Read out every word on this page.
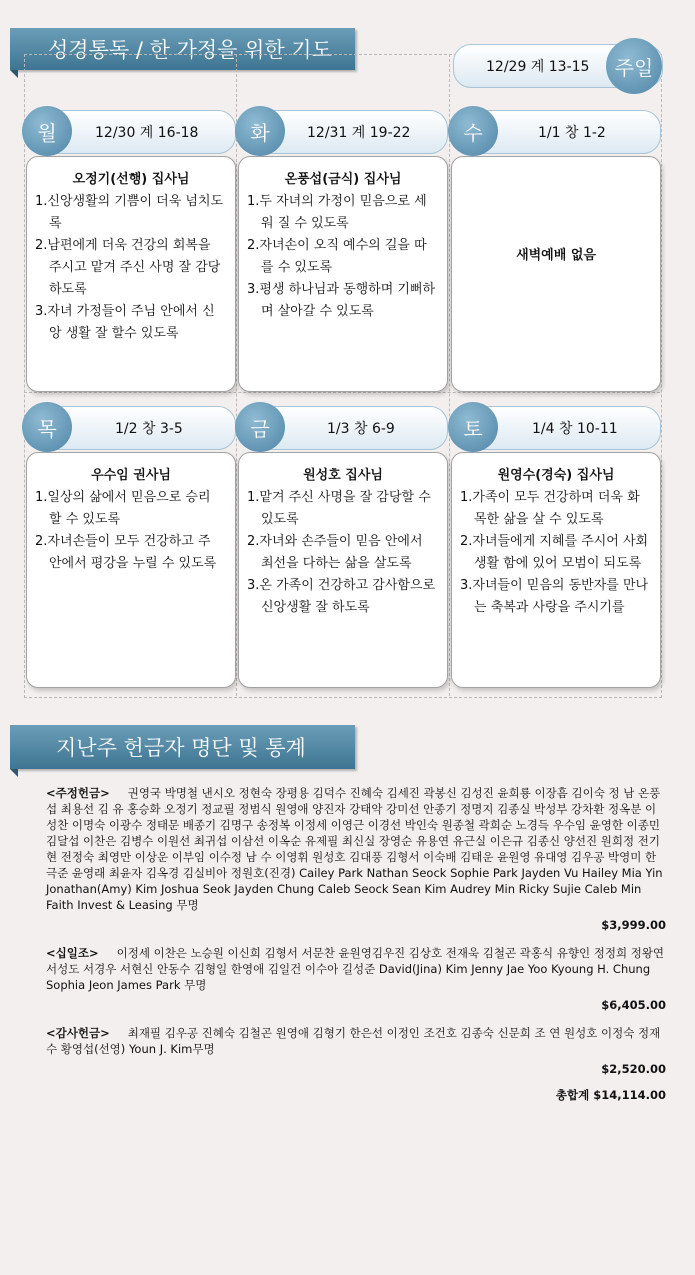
성경통독 / 한 가정을 위한 기도
12/29 계 13-15 주일
오정기(선행) 집사님
1.신앙생활의 기쁨이 더욱 넘치도록
2.남편에게 더욱 건강의 회복을 주시고 맡겨 주신 사명 잘 감당하도록
3.자녀 가정들이 주님 안에서 신앙 생활 잘 할수 있도록
12/30 계 16-18
월
온풍섭(금식) 집사님
1.두 자녀의 가정이 믿음으로 세워 질 수 있도록
2.자녀손이 오직 예수의 길을 따를 수 있도록
3.평생 하나님과 동행하며 기뻐하며 살아갈 수 있도록
12/31 계 19-22
화
새벽예배 없음
1/1 창 1-2
수
우수임 권사님
1.일상의 삶에서 믿음으로 승리 할 수 있도록
2.자녀손들이 모두 건강하고 주 안에서 평강을 누릴 수 있도록
1/2 창 3-5
목
원성호 집사님
1.맡겨 주신 사명을 잘 감당할 수 있도록
2.자녀와 손주들이 믿음 안에서 최선을 다하는 삶을 살도록
3.온 가족이 건강하고 감사함으로 신앙생활 잘 하도록
1/3 창 6-9
금
원영수(경숙) 집사님
1.가족이 모두 건강하며 더욱 화목한 삶을 살 수 있도록
2.자녀들에게 지혜를 주시어 사회생활 함에 있어 모범이 되도록
3.자녀들이 믿음의 동반자를 만나는 축복과 사랑을 주시기를
1/4 창 10-11
토
지난주 헌금자 명단 및 통계
<주정헌금> 권영국 박명철 낸시오 정현숙 장평용 김덕수 진혜숙 김세진 곽봉신 김성진 윤희룡 이장흠 김이숙 정 남 온풍섭 최용선 김 유 홍승화 오정기 정교필 정범식 원영애 양진자 강태악 강미선 안종기 정명지 김종실 박성부 강차환 정옥분 이성찬 이명숙 이광수 정태문 배종기 김명구 송정복 이정세 이영근 이경선 박인숙 원종철 곽희순 노경득 우수임 윤영한 이종민 김달섭 이찬은 김병수 이원선 최귀섭 이삼선 이옥순 유제필 최신실 장영순 유용연 유근실 이은규 김종신 양선진 원희정 전기현 전정숙 최영만 이상운 이부임 이수정 남 수 이영휘 원성호 김대풍 김형서 이숙배 김태운 윤원영 유대영 김우공 박영미 한극준 윤영래 최윤자 김옥경 김실비아 정원호(진경) Cailey Park Nathan Seock Sophie Park Jayden Vu Hailey Mia Yin Jonathan(Amy) Kim Joshua Seok Jayden Chung Caleb Seock Sean Kim Audrey Min Ricky Sujie Caleb Min Faith Invest & Leasing 무명
$3,999.00
<십일조> 이정세 이찬은 노승원 이신희 김형서 서문찬 윤원영김우진 김상호 전재욱 김철곤 곽홍식 유향인 정정희 정왕연 서성도 서경우 서현신 안동수 김형일 한영애 김일건 이수아 길성준 David(Jina) Kim Jenny Jae Yoo Kyoung H. Chung Sophia Jeon James Park 무명
$6,405.00
<감사헌금> 최재필 김우공 진혜숙 김철곤 원영애 김형기 한은선 이정인 조건호 김종숙 신문희 조 연 원성호 이정숙 정재수 황영섭(선영) Youn J. Kim무명
$2,520.00
총합계 $14,114.00
